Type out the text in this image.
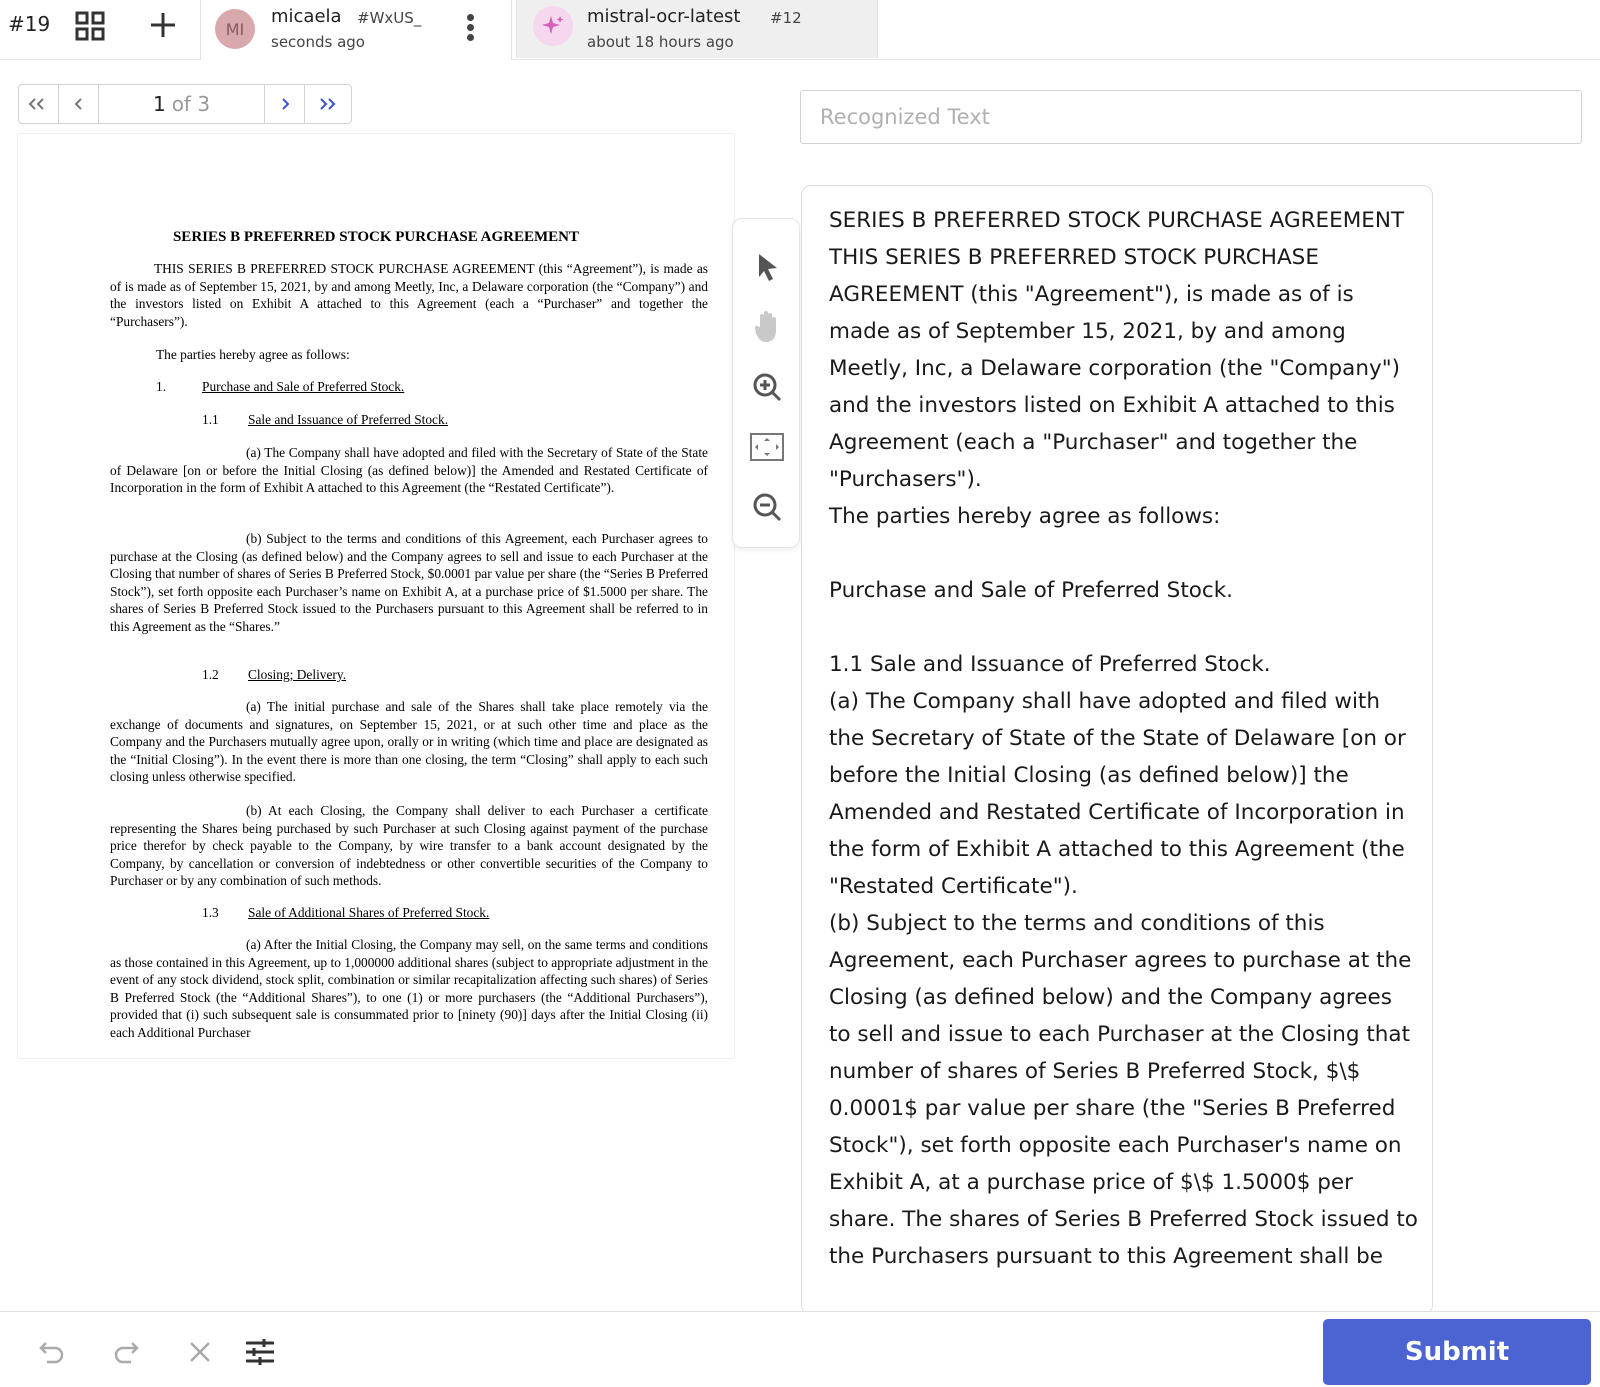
#19	MI
micaela #WxUS_
seconds ago
mistral-ocr-latest #12
about 18 hours ago
1 of 3
SERIES B PREFERRED STOCK PURCHASE AGREEMENT
THIS SERIES B PREFERRED STOCK PURCHASE AGREEMENT (this “Agreement”), is made as of is made as of September 15, 2021, by and among Meetly, Inc, a Delaware corporation (the “Company”) and the investors listed on Exhibit A attached to this Agreement (each a “Purchaser” and together the “Purchasers”).
The parties hereby agree as follows:
1.	Purchase and Sale of Preferred Stock.
1.1 Sale and Issuance of Preferred Stock.
(a) The Company shall have adopted and filed with the Secretary of State of the State of Delaware [on or before the Initial Closing (as defined below)] the Amended and Restated Certificate of Incorporation in the form of Exhibit A attached to this Agreement (the “Restated Certificate”).
(b) Subject to the terms and conditions of this Agreement, each Purchaser agrees to purchase at the Closing (as defined below) and the Company agrees to sell and issue to each Purchaser at the Closing that number of shares of Series B Preferred Stock, $0.0001 par value per share (the “Series B Preferred Stock”), set forth opposite each Purchaser’s name on Exhibit A, at a purchase price of $1.5000 per share. The shares of Series B Preferred Stock issued to the Purchasers pursuant to this Agreement shall be referred to in this Agreement as the “Shares.”
1.2 Closing; Delivery.
(a) The initial purchase and sale of the Shares shall take place remotely via the exchange of documents and signatures, on September 15, 2021, or at such other time and place as the Company and the Purchasers mutually agree upon, orally or in writing (which time and place are designated as the “Initial Closing”). In the event there is more than one closing, the term “Closing” shall apply to each such closing unless otherwise specified.
(b) At each Closing, the Company shall deliver to each Purchaser a certificate representing the Shares being purchased by such Purchaser at such Closing against payment of the purchase price therefor by check payable to the Company, by wire transfer to a bank account designated by the Company, by cancellation or conversion of indebtedness or other convertible securities of the Company to Purchaser or by any combination of such methods.
1.3 Sale of Additional Shares of Preferred Stock.
(a) After the Initial Closing, the Company may sell, on the same terms and conditions as those contained in this Agreement, up to 1,000000 additional shares (subject to appropriate adjustment in the event of any stock dividend, stock split, combination or similar recapitalization affecting such shares) of Series B Preferred Stock (the “Additional Shares”), to one (1) or more purchasers (the “Additional Purchasers”), provided that (i) such subsequent sale is consummated prior to [ninety (90)] days after the Initial Closing (ii) each Additional Purchaser
Recognized Text
SERIES B PREFERRED STOCK PURCHASE AGREEMENT
THIS SERIES B PREFERRED STOCK PURCHASE AGREEMENT (this "Agreement"), is made as of is made as of September 15, 2021, by and among Meetly, Inc, a Delaware corporation (the "Company") and the investors listed on Exhibit A attached to this Agreement (each a "Purchaser" and together the "Purchasers").
The parties hereby agree as follows:

Purchase and Sale of Preferred Stock.

1.1 Sale and Issuance of Preferred Stock.
(a) The Company shall have adopted and filed with the Secretary of State of the State of Delaware [on or before the Initial Closing (as defined below)] the Amended and Restated Certificate of Incorporation in the form of Exhibit A attached to this Agreement (the "Restated Certificate").
(b) Subject to the terms and conditions of this Agreement, each Purchaser agrees to purchase at the Closing (as defined below) and the Company agrees to sell and issue to each Purchaser at the Closing that number of shares of Series B Preferred Stock, $\$ 0.0001$ par value per share (the "Series B Preferred Stock"), set forth opposite each Purchaser's name on Exhibit A, at a purchase price of $\$ 1.5000$ per share. The shares of Series B Preferred Stock issued to the Purchasers pursuant to this Agreement shall be
Submit
